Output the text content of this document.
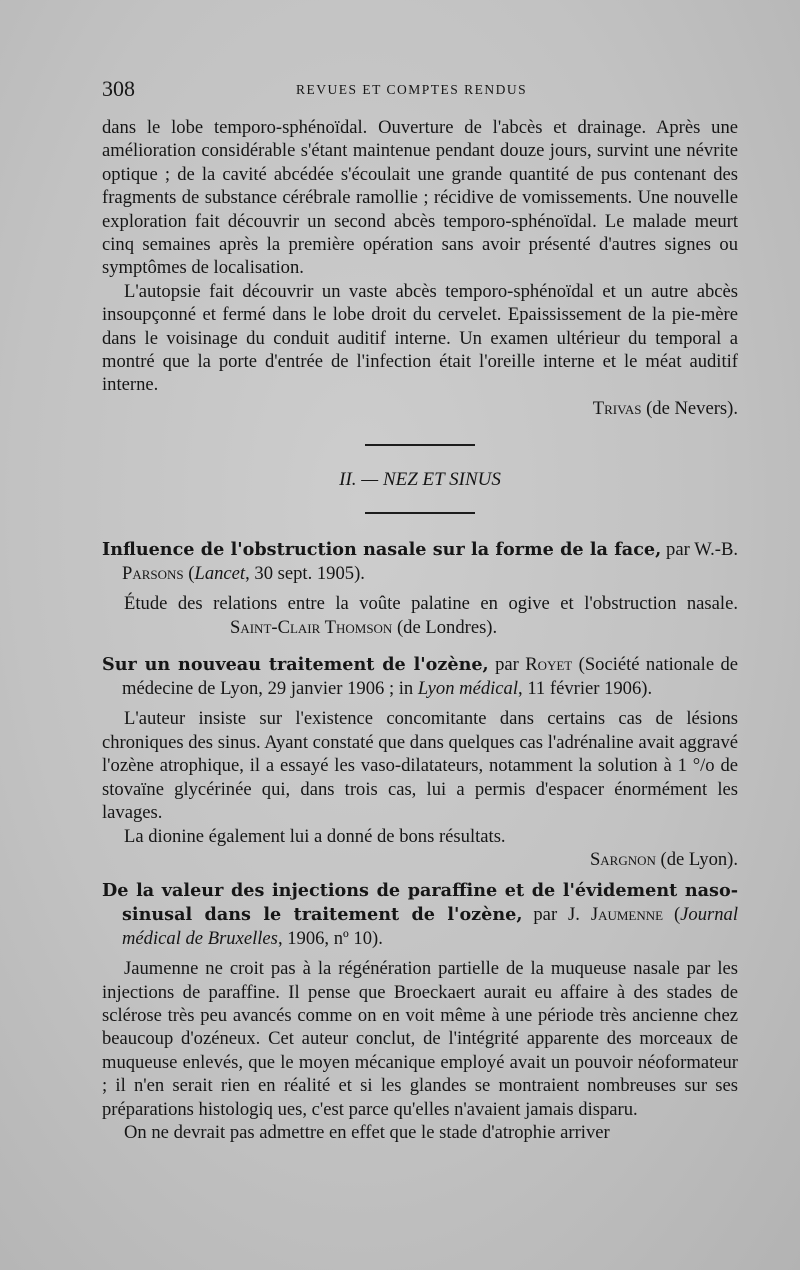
308	REVUES ET COMPTES RENDUS

dans le lobe temporo-sphénoïdal. Ouverture de l'abcès et drainage. Après une amélioration considérable s'étant maintenue pendant douze jours, survint une névrite optique ; de la cavité abcédée s'écoulait une grande quantité de pus contenant des fragments de substance cérébrale ramollie ; récidive de vomissements. Une nouvelle exploration fait découvrir un second abcès temporo-sphénoïdal. Le malade meurt cinq semaines après la première opération sans avoir présenté d'autres signes ou symptômes de localisation.

L'autopsie fait découvrir un vaste abcès temporo-sphénoïdal et un autre abcès insoupçonné et fermé dans le lobe droit du cervelet. Epaississement de la pie-mère dans le voisinage du conduit auditif interne. Un examen ultérieur du temporal a montré que la porte d'entrée de l'infection était l'oreille interne et le méat auditif interne.

Trivas (de Nevers).
II. — NEZ ET SINUS
Influence de l'obstruction nasale sur la forme de la face, par W.-B. Parsons (Lancet, 30 sept. 1905).

Étude des relations entre la voûte palatine en ogive et l'obstruction nasale.Saint-Clair Thomson (de Londres).

Sur un nouveau traitement de l'ozène, par Royet (Société nationale de médecine de Lyon, 29 janvier 1906 ; in Lyon médical, 11 février 1906).

L'auteur insiste sur l'existence concomitante dans certains cas de lésions chroniques des sinus. Ayant constaté que dans quelques cas l'adrénaline avait aggravé l'ozène atrophique, il a essayé les vaso-dilatateurs, notamment la solution à 1 °/o de stovaïne glycérinée qui, dans trois cas, lui a permis d'espacer énormément les lavages.

La dionine également lui a donné de bons résultats.

Sargnon (de Lyon).
De la valeur des injections de paraffine et de l'évidement naso-sinusal dans le traitement de l'ozène, par J. Jaumenne (Journal médical de Bruxelles, 1906, nº 10).

Jaumenne ne croit pas à la régénération partielle de la muqueuse nasale par les injections de paraffine. Il pense que Broeckaert aurait eu affaire à des stades de sclérose très peu avancés comme on en voit même à une période très ancienne chez beaucoup d'ozéneux. Cet auteur conclut, de l'intégrité apparente des morceaux de muqueuse enlevés, que le moyen mécanique employé avait un pouvoir néoformateur ; il n'en serait rien en réalité et si les glandes se montraient nombreuses sur ses préparations histologiq ues, c'est parce qu'elles n'avaient jamais disparu.

On ne devrait pas admettre en effet que le stade d'atrophie arriver
